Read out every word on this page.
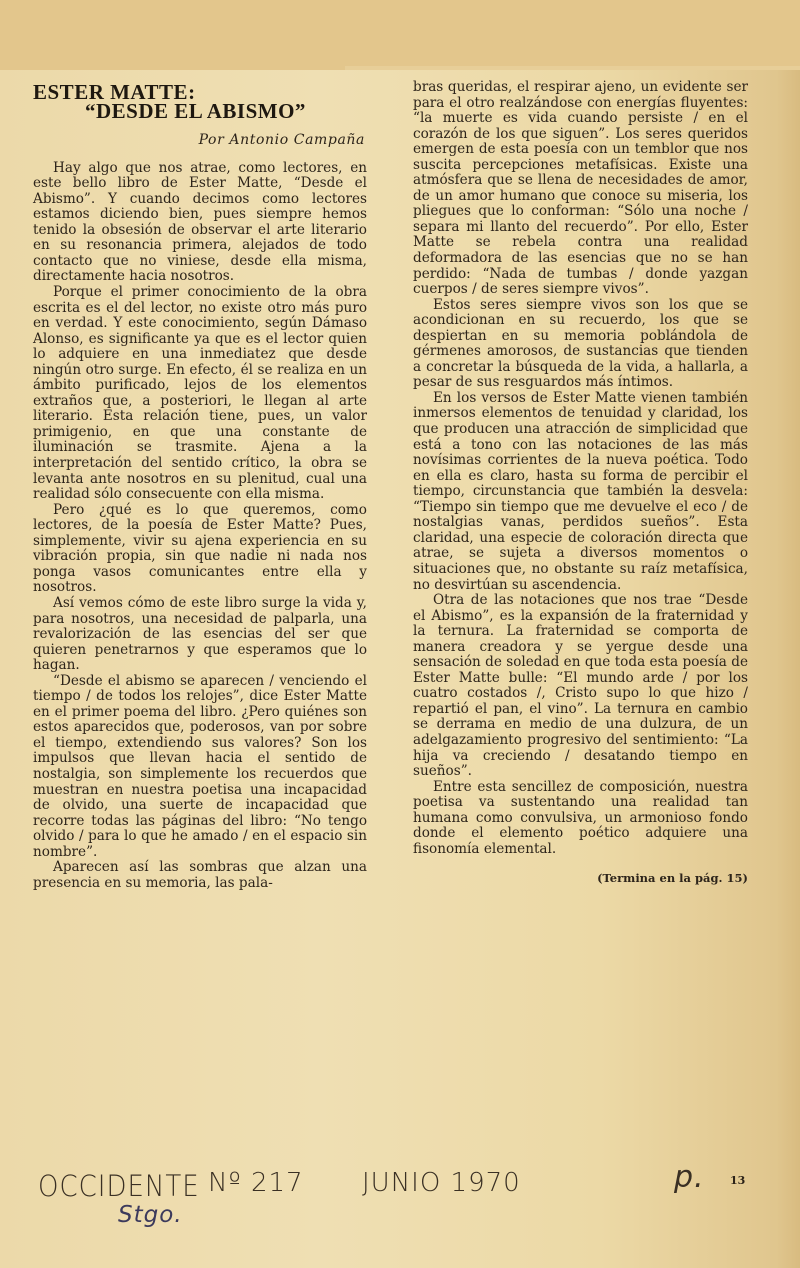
ESTER MATTE:
“DESDE EL ABISMO”
Por Antonio Campaña

Hay algo que nos atrae, como lectores, en este bello libro de Ester Matte, “Desde el Abismo”. Y cuando decimos como lectores estamos diciendo bien, pues siempre hemos tenido la obsesión de observar el arte literario en su resonancia primera, alejados de todo contacto que no viniese, desde ella misma, directamente hacia nosotros.

Porque el primer conocimiento de la obra escrita es el del lector, no existe otro más puro en verdad. Y este conocimiento, según Dámaso Alonso, es significante ya que es el lector quien lo adquiere en una inmediatez que desde ningún otro surge. En efecto, él se realiza en un ámbito purificado, lejos de los elementos extraños que, a posteriori, le llegan al arte literario. Esta relación tiene, pues, un valor primigenio, en que una constante de iluminación se trasmite. Ajena a la interpretación del sentido crítico, la obra se levanta ante nosotros en su plenitud, cual una realidad sólo consecuente con ella misma.

Pero ¿qué es lo que queremos, como lectores, de la poesía de Ester Matte? Pues, simplemente, vivir su ajena experiencia en su vibración propia, sin que nadie ni nada nos ponga vasos comunicantes entre ella y nosotros.

Así vemos cómo de este libro surge la vida y, para nosotros, una necesidad de palparla, una revalorización de las esencias del ser que quieren penetrarnos y que esperamos que lo hagan.

“Desde el abismo se aparecen / venciendo el tiempo / de todos los relojes”, dice Ester Matte en el primer poema del libro. ¿Pero quiénes son estos aparecidos que, poderosos, van por sobre el tiempo, extendiendo sus valores? Son los impulsos que llevan hacia el sentido de nostalgia, son simplemente los recuerdos que muestran en nuestra poetisa una incapacidad de olvido, una suerte de incapacidad que recorre todas las páginas del libro: “No tengo olvido / para lo que he amado / en el espacio sin nombre”.

Aparecen así las sombras que alzan una presencia en su memoria, las pala-

bras queridas, el respirar ajeno, un evidente ser para el otro realzándose con energías fluyentes: “la muerte es vida cuando persiste / en el corazón de los que siguen”. Los seres queridos emergen de esta poesía con un temblor que nos suscita percepciones metafísicas. Existe una atmósfera que se llena de necesidades de amor, de un amor humano que conoce su miseria, los pliegues que lo conforman: “Sólo una noche / separa mi llanto del recuerdo”. Por ello, Ester Matte se rebela contra una realidad deformadora de las esencias que no se han perdido: “Nada de tumbas / donde yazgan cuerpos / de seres siempre vivos”.

Estos seres siempre vivos son los que se acondicionan en su recuerdo, los que se despiertan en su memoria poblándola de gérmenes amorosos, de sustancias que tienden a concretar la búsqueda de la vida, a hallarla, a pesar de sus resguardos más íntimos.

En los versos de Ester Matte vienen también inmersos elementos de tenuidad y claridad, los que producen una atracción de simplicidad que está a tono con las notaciones de las más novísimas corrientes de la nueva poética. Todo en ella es claro, hasta su forma de percibir el tiempo, circunstancia que también la desvela: “Tiempo sin tiempo que me devuelve el eco / de nostalgias vanas, perdidos sueños”. Esta claridad, una especie de coloración directa que atrae, se sujeta a diversos momentos o situaciones que, no obstante su raíz metafísica, no desvirtúan su ascendencia.

Otra de las notaciones que nos trae “Desde el Abismo”, es la expansión de la fraternidad y la ternura. La fraternidad se comporta de manera creadora y se yergue desde una sensación de soledad en que toda esta poesía de Ester Matte bulle: “El mundo arde / por los cuatro costados /, Cristo supo lo que hizo / repartió el pan, el vino”. La ternura en cambio se derrama en medio de una dulzura, de un adelgazamiento progresivo del sentimiento: “La hija va creciendo / desatando tiempo en sueños”.

Entre esta sencillez de composición, nuestra poetisa va sustentando una realidad tan humana como convulsiva, un armonioso fondo donde el elemento poético adquiere una fisonomía elemental.

(Termina en la pág. 15)
OCCIDENTE Nº 217 JUNIO 1970
Stgo.
p. 13
